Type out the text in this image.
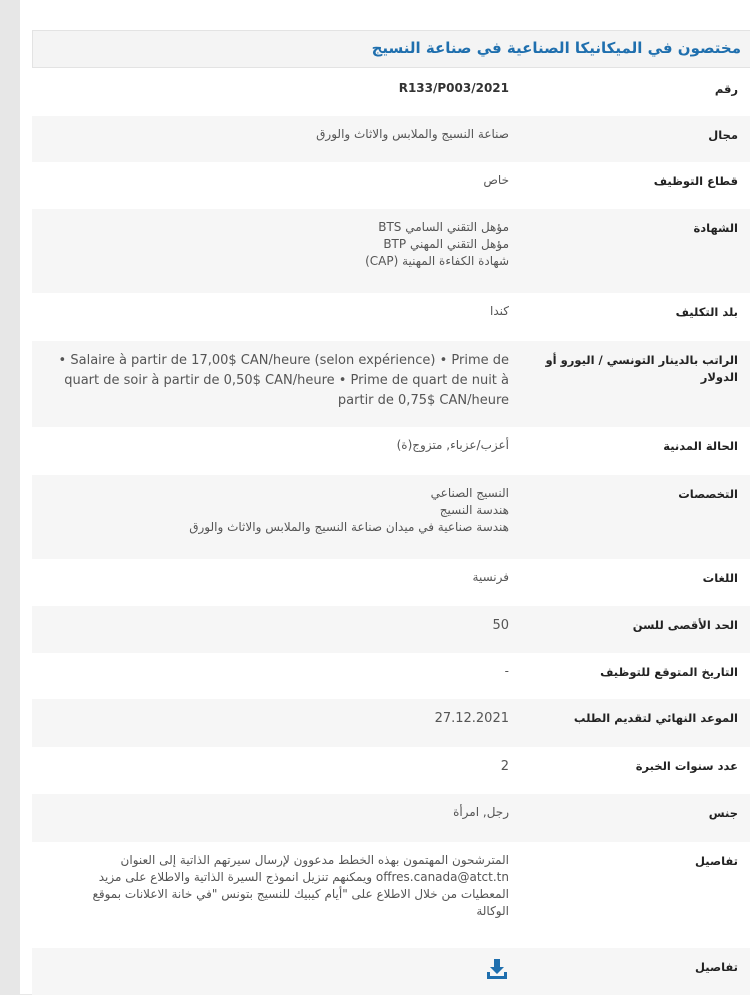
مختصون في الميكانيكا الصناعية في صناعة النسيج
R133/P003/2021	رقم
صناعة النسيج والملابس والاثاث والورق	مجال
خاص	قطاع التوظيف

مؤهل التقني السامي BTS
مؤهل التقني المهني BTP
شهادة الكفاءة المهنية (CAP)	الشهادة
كندا	بلد التكليف

Salaire à partir de 17,00$ CAN/heure (selon expérience) • Prime de •
quart de soir à partir de 0,50$ CAN/heure • Prime de quart de nuit à
partir de 0,75$ CAN/heure	الراتب بالدينار التونسي / اليورو أو الدولار
أعزب/عزباء, متزوج(ة)	الحالة المدنية

النسيج الصناعي
هندسة النسيج
هندسة صناعية في ميدان صناعة النسيج والملابس والاثاث والورق	التخصصات
فرنسية	اللغات
50	الحد الأقصى للسن
-	التاريخ المتوقع للتوظيف
27.12.2021	الموعد النهائي لتقديم الطلب
2	عدد سنوات الخبرة
رجل, امرأة	جنس

المترشحون المهتمون بهذه الخطط مدعوون لإرسال سيرتهم الذاتية إلى العنوان
offres.canada@atct.tn ويمكنهم تنزيل انموذج السيرة الذاتية والاطلاع على مزيد
المعطيات من خلال الاطلاع على "أيام كيبيك للنسيج بتونس "في خانة الاعلانات بموقع
الوكالة	تفاصيل
	تفاصيل
